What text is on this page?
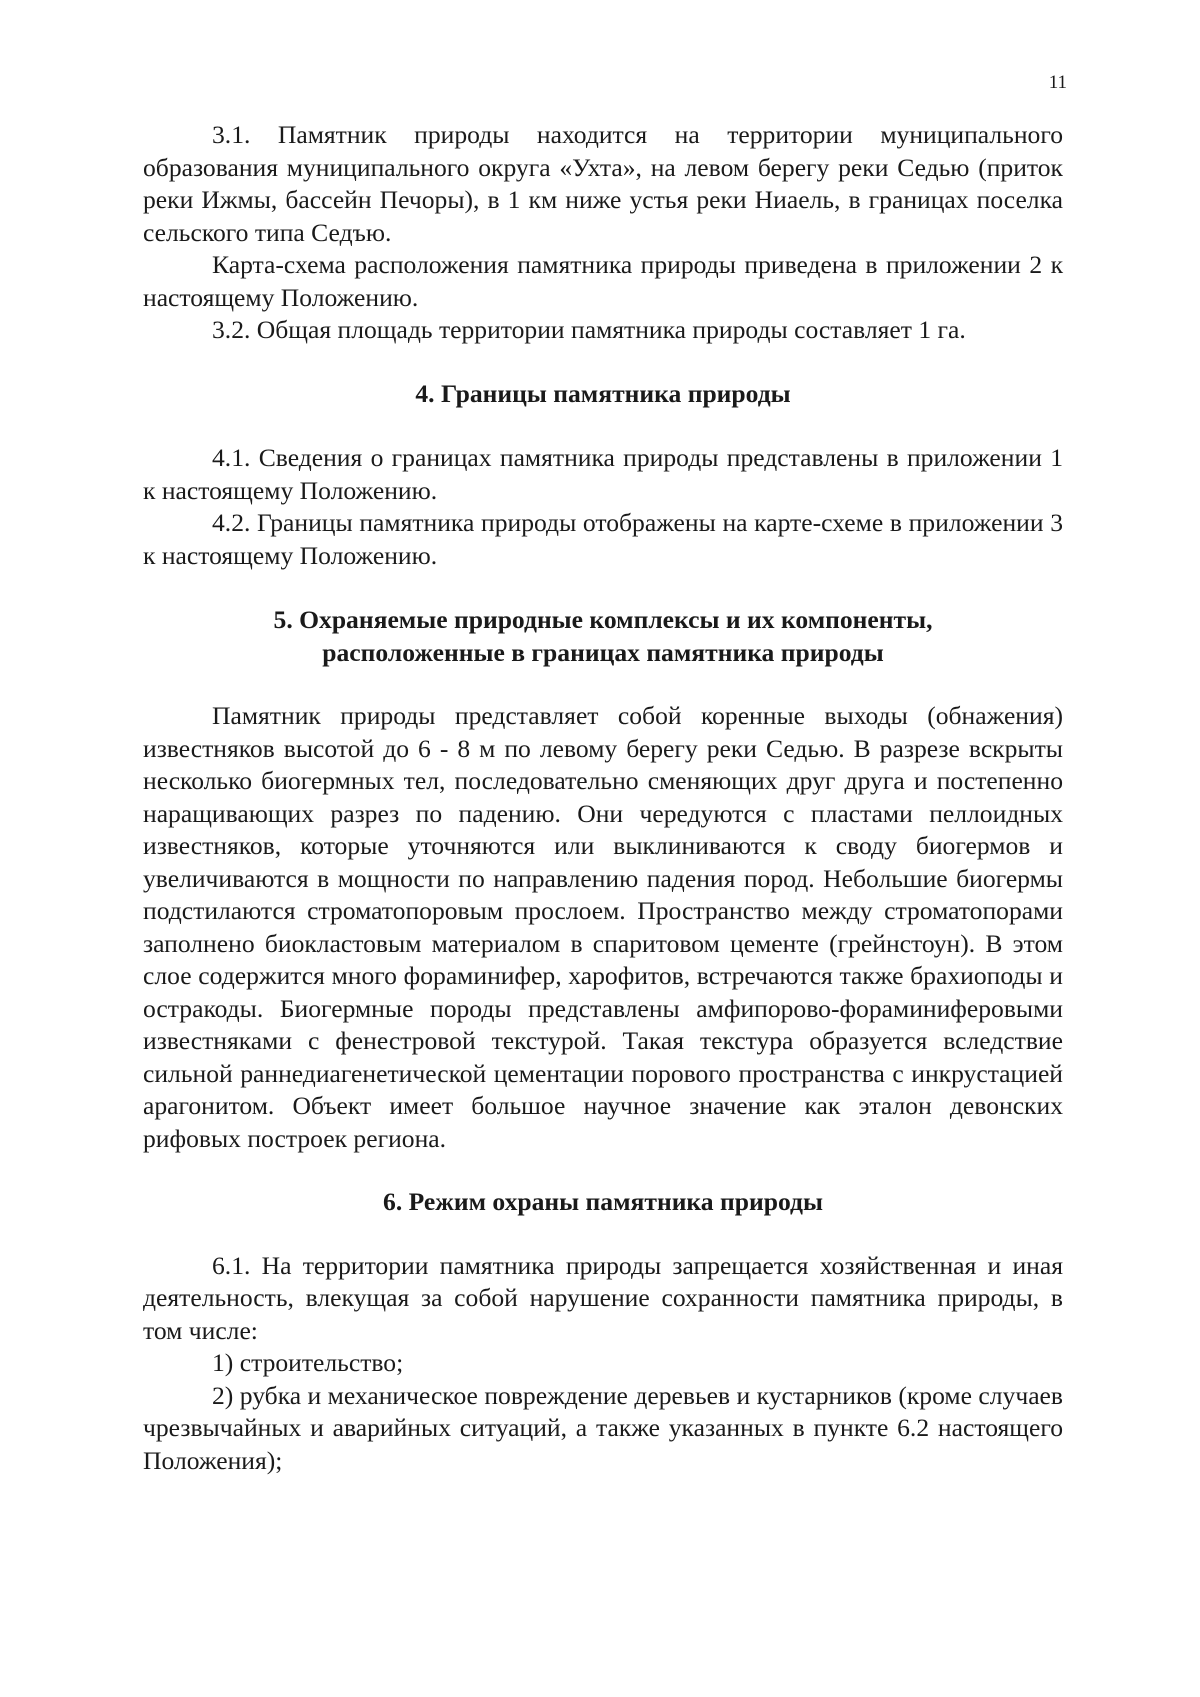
11

3.1. Памятник природы находится на территории муниципального образования муниципального округа «Ухта», на левом берегу реки Седью (приток реки Ижмы, бассейн Печоры), в 1 км ниже устья реки Ниаель, в границах поселка сельского типа Седъю.

Карта-схема расположения памятника природы приведена в приложении 2 к настоящему Положению.

3.2. Общая площадь территории памятника природы составляет 1 га.

4. Границы памятника природы

4.1. Сведения о границах памятника природы представлены в приложении 1 к настоящему Положению.

4.2. Границы памятника природы отображены на карте-схеме в приложении 3 к настоящему Положению.

5. Охраняемые природные комплексы и их компоненты,
расположенные в границах памятника природы

Памятник природы представляет собой коренные выходы (обнажения) известняков высотой до 6 - 8 м по левому берегу реки Седью. В разрезе вскрыты несколько биогермных тел, последовательно сменяющих друг друга и постепенно наращивающих разрез по падению. Они чередуются с пластами пеллоидных известняков, которые уточняются или выклиниваются к своду биогермов и увеличиваются в мощности по направлению падения пород. Небольшие биогермы подстилаются строматопоровым прослоем. Пространство между строматопорами заполнено биокластовым материалом в спаритовом цементе (грейнстоун). В этом слое содержится много фораминифер, харофитов, встречаются также брахиоподы и остракоды. Биогермные породы представлены амфипорово-фораминиферовыми известняками с фенестровой текстурой. Такая текстура образуется вследствие сильной раннедиагенетической цементации порового пространства с инкрустацией арагонитом. Объект имеет большое научное значение как эталон девонских рифовых построек региона.

6. Режим охраны памятника природы

6.1. На территории памятника природы запрещается хозяйственная и иная деятельность, влекущая за собой нарушение сохранности памятника природы, в том числе:

1) строительство;

2) рубка и механическое повреждение деревьев и кустарников (кроме случаев чрезвычайных и аварийных ситуаций, а также указанных в пункте 6.2 настоящего Положения);
